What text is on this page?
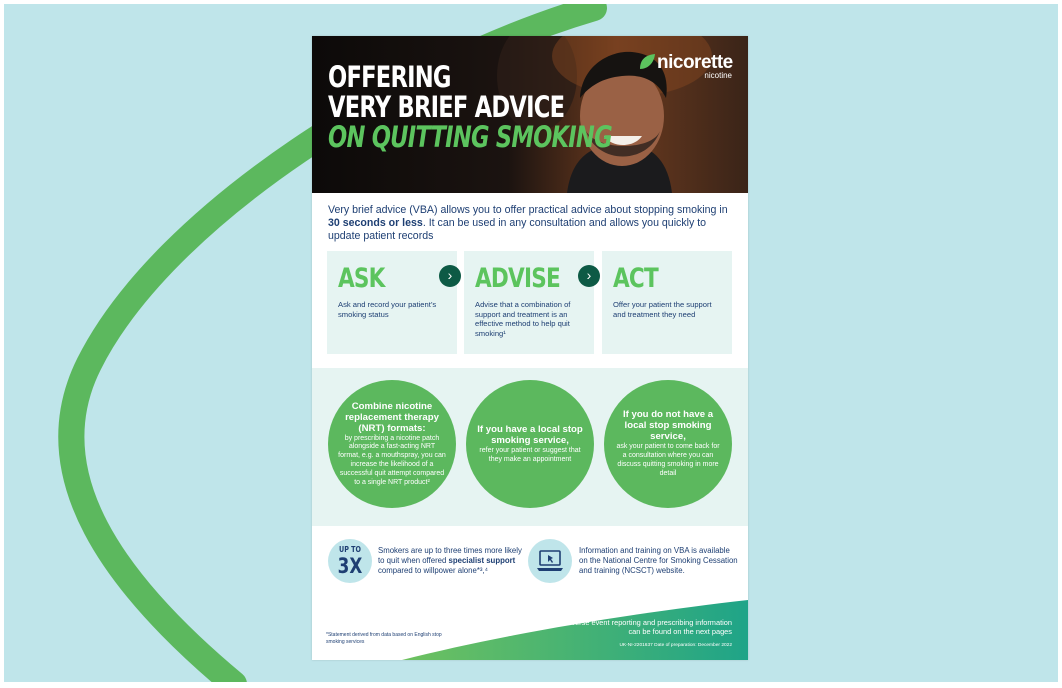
OFFERING
VERY BRIEF ADVICE
ON QUITTING SMOKING
nicorette
nicotine

Very brief advice (VBA) allows you to offer practical advice about stopping smoking in 30 seconds or less. It can be used in any consultation and allows you quickly to update patient records

ASK
Ask and record your patient’s smoking status
› ADVISE
Advise that a combination of support and treatment is an effective method to help quit smoking¹
› ACT
Offer your patient the support and treatment they need
Combine nicotine replacement therapy (NRT) formats:
by prescribing a nicotine patch alongside a fast-acting NRT format, e.g. a mouthspray, you can increase the likelihood of a successful quit attempt compared to a single NRT product²
If you have a local stop smoking service,
refer your patient or suggest that they make an appointment
If you do not have a local stop smoking service,
ask your patient to come back for a consultation where you can discuss quitting smoking in more detail
UP TO
3X

Smokers are up to three times more likely to quit when offered specialist support compared to willpower alone*³,⁴

Information and training on VBA is available on the National Centre for Smoking Cessation and training (NCSCT) website.

*Statement derived from data based on English stop smoking services

Adverse event reporting and prescribing information can be found on the next pages

UK-NI-2201637 Date of preparation: December 2022
